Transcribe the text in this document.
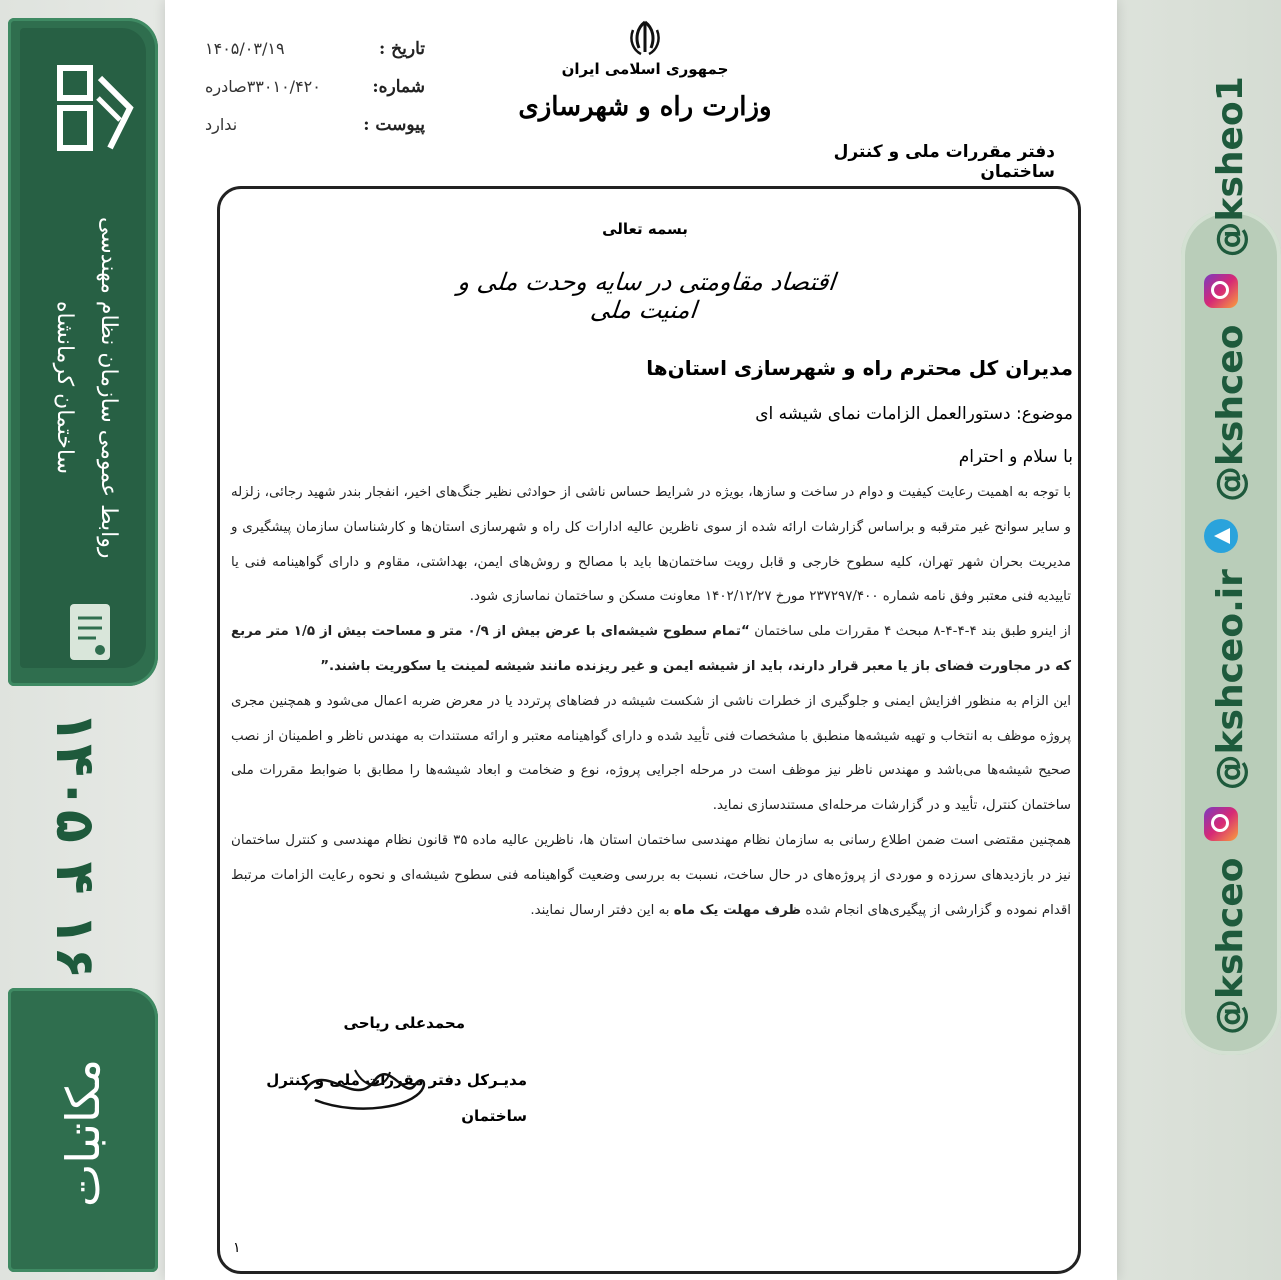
روابط عمومی سازمان نظام مهندسی ساختمان کرمانشاه
۱۴۰۵ ۴ ۱۶
مکاتبات
@kshceo  @kshceo.ir  @kshceo  @ksheo1
تاریخ :
۱۴۰۵/۰۳/۱۹
شماره:
۳۳۰۱۰/۴۲۰صادره
پیوست :
ندارد
جمهوری اسلامی ایران
وزارت راه و شهرسازی
دفتر مقررات ملی و کنترل ساختمان
بسمه تعالی
اقتصاد مقاومتی در سایه وحدت ملی و امنیت ملی
مدیران کل محترم راه و شهرسازی استان‌ها
موضوع: دستورالعمل الزامات نمای شیشه ای
با سلام و احترام

با توجه به اهمیت رعایت کیفیت و دوام در ساخت و سازها، بویژه در شرایط حساس ناشی از حوادثی نظیر جنگ‌های اخیر، انفجار بندر شهید رجائی، زلزله و سایر سوانح غیر مترقبه و براساس گزارشات ارائه شده از سوی ناظرین عالیه ادارات کل راه و شهرسازی استان‌ها و کارشناسان سازمان پیشگیری و مدیریت بحران شهر تهران، کلیه سطوح خارجی و قابل رویت ساختمان‌ها باید با مصالح و روش‌های ایمن، بهداشتی، مقاوم و دارای گواهینامه فنی یا تاییدیه فنی معتبر وفق نامه شماره ۲۳۷۲۹۷/۴۰۰ مورخ ۱۴۰۲/۱۲/۲۷ معاونت مسکن و ساختمان نماسازی شود.

از اینرو طبق بند ۴-۴-۴-۸ مبحث ۴ مقررات ملی ساختمان “تمام سطوح شیشه‌ای با عرض بیش از ۰/۹ متر و مساحت بیش از ۱/۵ متر مربع که در مجاورت فضای باز یا معبر قرار دارند، باید از شیشه ایمن و غیر ریزنده مانند شیشه لمینت یا سکوریت باشند.”

این الزام به منظور افزایش ایمنی و جلوگیری از خطرات ناشی از شکست شیشه در فضاهای پرتردد یا در معرض ضربه اعمال می‌شود و همچنین مجری پروژه موظف به انتخاب و تهیه شیشه‌ها منطبق با مشخصات فنی تأیید شده و دارای گواهینامه معتبر و ارائه مستندات به مهندس ناظر و اطمینان از نصب صحیح شیشه‌ها می‌باشد و مهندس ناظر نیز موظف است در مرحله اجرایی پروژه، نوع و ضخامت و ابعاد شیشه‌ها را مطابق با ضوابط مقررات ملی ساختمان کنترل، تأیید و در گزارشات مرحله‌ای مستندسازی نماید.

همچنین مقتضی است ضمن اطلاع رسانی به سازمان نظام مهندسی ساختمان استان ها، ناظرین عالیه ماده ۳۵ قانون نظام مهندسی و کنترل ساختمان نیز در بازدیدهای سرزده و موردی از پروژه‌های در حال ساخت، نسبت به بررسی وضعیت گواهینامه فنی سطوح شیشه‌ای و نحوه رعایت الزامات مرتبط اقدام نموده و گزارشی از پیگیری‌های انجام شده ظرف مهلت یک ماه به این دفتر ارسال نمایند.

محمدعلی ریاحی
مدیـرکل دفتر مقررات ملی و کنترل ساختمان
۱
